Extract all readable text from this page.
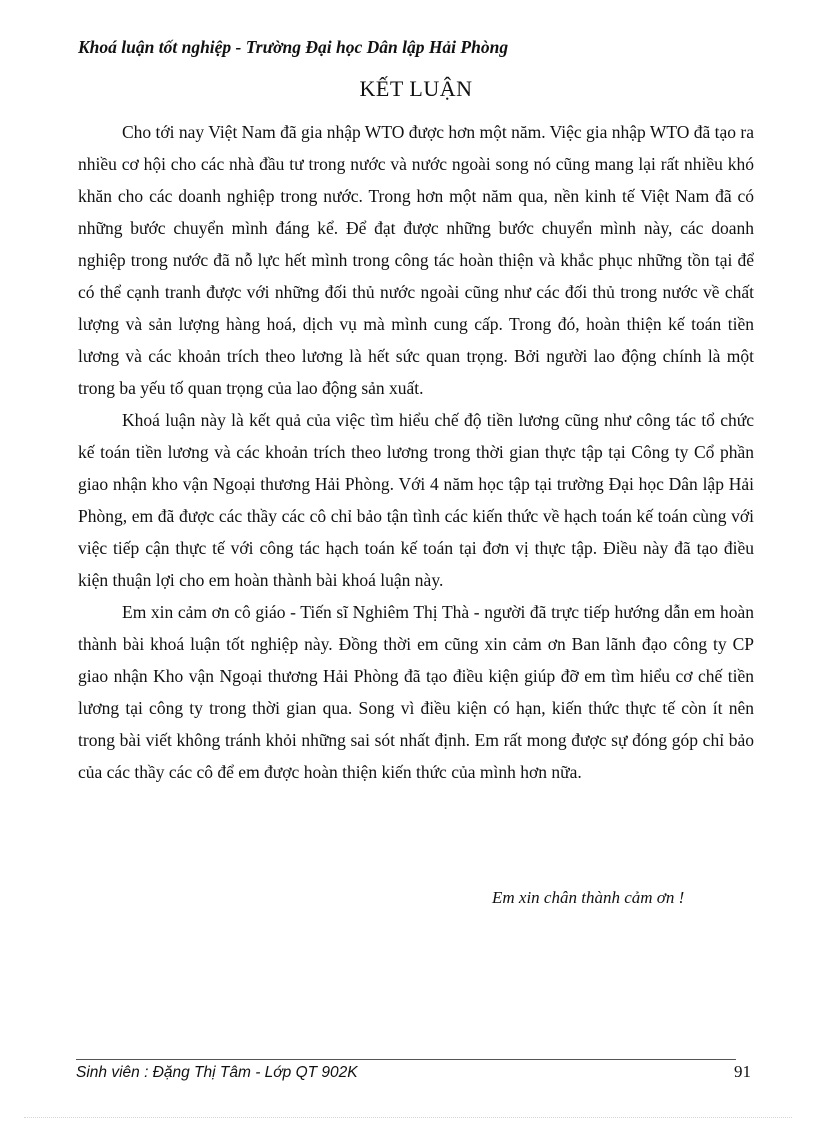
Khoá luận tốt nghiệp - Trường Đại học Dân lập Hải Phòng
KẾT LUẬN

Cho tới nay Việt Nam đã gia nhập WTO được hơn một năm. Việc gia nhập WTO đã tạo ra nhiều cơ hội cho các nhà đầu tư trong nước và nước ngoài song nó cũng mang lại rất nhiều khó khăn cho các doanh nghiệp trong nước. Trong hơn một năm qua, nền kinh tế Việt Nam đã có những bước chuyển mình đáng kể. Để đạt được những bước chuyển mình này, các doanh nghiệp trong nước đã nỗ lực hết mình trong công tác hoàn thiện và khắc phục những tồn tại để có thể cạnh tranh được với những đối thủ nước ngoài cũng như các đối thủ trong nước về chất lượng và sản lượng hàng hoá, dịch vụ mà mình cung cấp. Trong đó, hoàn thiện kế toán tiền lương và các khoản trích theo lương là hết sức quan trọng. Bởi người lao động chính là một trong ba yếu tố quan trọng của lao động sản xuất.

Khoá luận này là kết quả của việc tìm hiểu chế độ tiền lương cũng như công tác tổ chức kế toán tiền lương và các khoản trích theo lương trong thời gian thực tập tại Công ty Cổ phần giao nhận kho vận Ngoại thương Hải Phòng. Với 4 năm học tập tại trường Đại học Dân lập Hải Phòng, em đã được các thầy các cô chỉ bảo tận tình các kiến thức về hạch toán kế toán cùng với việc tiếp cận thực tế với công tác hạch toán kế toán tại đơn vị thực tập. Điều này đã tạo điều kiện thuận lợi cho em hoàn thành bài khoá luận này.

Em xin cảm ơn cô giáo - Tiến sĩ Nghiêm Thị Thà - người đã trực tiếp hướng dẫn em hoàn thành bài khoá luận tốt nghiệp này. Đồng thời em cũng xin cảm ơn Ban lãnh đạo công ty CP giao nhận Kho vận Ngoại thương Hải Phòng đã tạo điều kiện giúp đỡ em tìm hiểu cơ chế tiền lương tại công ty trong thời gian qua. Song vì điều kiện có hạn, kiến thức thực tế còn ít nên trong bài viết không tránh khỏi những sai sót nhất định. Em rất mong được sự đóng góp chỉ bảo của các thầy các cô để em được hoàn thiện kiến thức của mình hơn nữa.

Em xin chân thành cảm ơn !
Sinh viên : Đặng Thị Tâm - Lớp QT 902K	91
